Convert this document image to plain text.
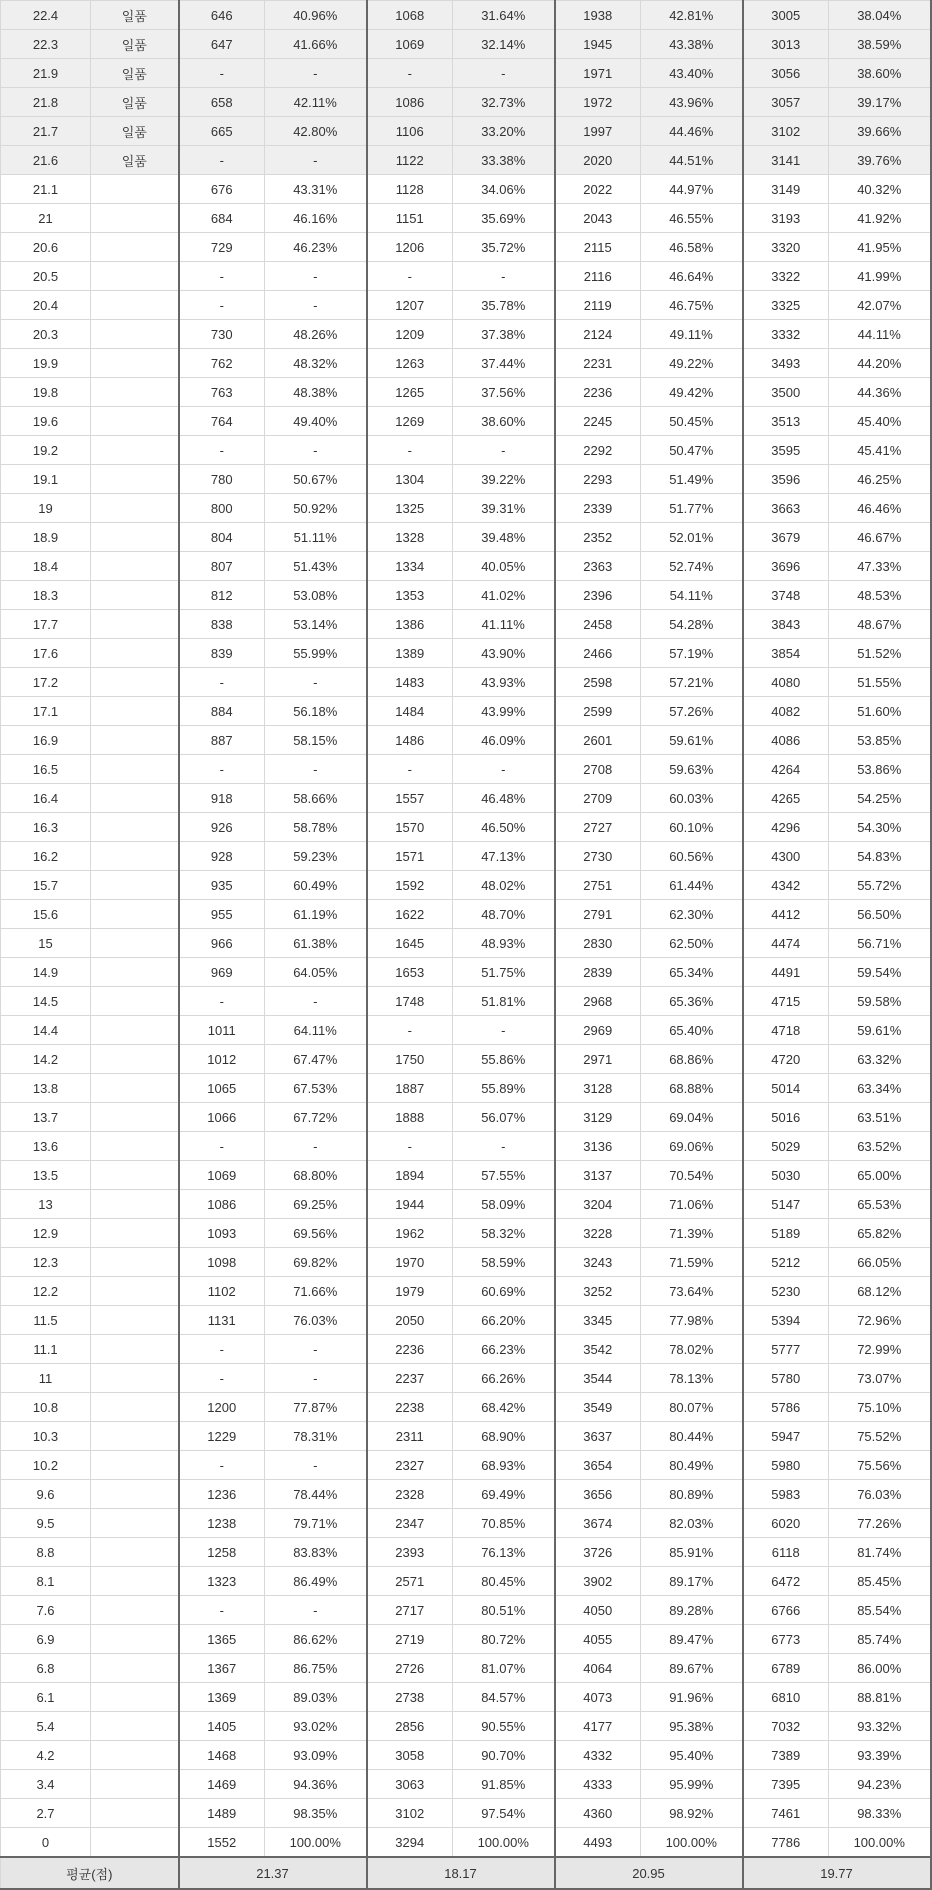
22.4	일품	646	40.96%	1068	31.64%	1938	42.81%	3005	38.04%
22.3	일품	647	41.66%	1069	32.14%	1945	43.38%	3013	38.59%
21.9	일품	-	-	-	-	1971	43.40%	3056	38.60%
21.8	일품	658	42.11%	1086	32.73%	1972	43.96%	3057	39.17%
21.7	일품	665	42.80%	1106	33.20%	1997	44.46%	3102	39.66%
21.6	일품	-	-	1122	33.38%	2020	44.51%	3141	39.76%
21.1		676	43.31%	1128	34.06%	2022	44.97%	3149	40.32%
21		684	46.16%	1151	35.69%	2043	46.55%	3193	41.92%
20.6		729	46.23%	1206	35.72%	2115	46.58%	3320	41.95%
20.5		-	-	-	-	2116	46.64%	3322	41.99%
20.4		-	-	1207	35.78%	2119	46.75%	3325	42.07%
20.3		730	48.26%	1209	37.38%	2124	49.11%	3332	44.11%
19.9		762	48.32%	1263	37.44%	2231	49.22%	3493	44.20%
19.8		763	48.38%	1265	37.56%	2236	49.42%	3500	44.36%
19.6		764	49.40%	1269	38.60%	2245	50.45%	3513	45.40%
19.2		-	-	-	-	2292	50.47%	3595	45.41%
19.1		780	50.67%	1304	39.22%	2293	51.49%	3596	46.25%
19		800	50.92%	1325	39.31%	2339	51.77%	3663	46.46%
18.9		804	51.11%	1328	39.48%	2352	52.01%	3679	46.67%
18.4		807	51.43%	1334	40.05%	2363	52.74%	3696	47.33%
18.3		812	53.08%	1353	41.02%	2396	54.11%	3748	48.53%
17.7		838	53.14%	1386	41.11%	2458	54.28%	3843	48.67%
17.6		839	55.99%	1389	43.90%	2466	57.19%	3854	51.52%
17.2		-	-	1483	43.93%	2598	57.21%	4080	51.55%
17.1		884	56.18%	1484	43.99%	2599	57.26%	4082	51.60%
16.9		887	58.15%	1486	46.09%	2601	59.61%	4086	53.85%
16.5		-	-	-	-	2708	59.63%	4264	53.86%
16.4		918	58.66%	1557	46.48%	2709	60.03%	4265	54.25%
16.3		926	58.78%	1570	46.50%	2727	60.10%	4296	54.30%
16.2		928	59.23%	1571	47.13%	2730	60.56%	4300	54.83%
15.7		935	60.49%	1592	48.02%	2751	61.44%	4342	55.72%
15.6		955	61.19%	1622	48.70%	2791	62.30%	4412	56.50%
15		966	61.38%	1645	48.93%	2830	62.50%	4474	56.71%
14.9		969	64.05%	1653	51.75%	2839	65.34%	4491	59.54%
14.5		-	-	1748	51.81%	2968	65.36%	4715	59.58%
14.4		1011	64.11%	-	-	2969	65.40%	4718	59.61%
14.2		1012	67.47%	1750	55.86%	2971	68.86%	4720	63.32%
13.8		1065	67.53%	1887	55.89%	3128	68.88%	5014	63.34%
13.7		1066	67.72%	1888	56.07%	3129	69.04%	5016	63.51%
13.6		-	-	-	-	3136	69.06%	5029	63.52%
13.5		1069	68.80%	1894	57.55%	3137	70.54%	5030	65.00%
13		1086	69.25%	1944	58.09%	3204	71.06%	5147	65.53%
12.9		1093	69.56%	1962	58.32%	3228	71.39%	5189	65.82%
12.3		1098	69.82%	1970	58.59%	3243	71.59%	5212	66.05%
12.2		1102	71.66%	1979	60.69%	3252	73.64%	5230	68.12%
11.5		1131	76.03%	2050	66.20%	3345	77.98%	5394	72.96%
11.1		-	-	2236	66.23%	3542	78.02%	5777	72.99%
11		-	-	2237	66.26%	3544	78.13%	5780	73.07%
10.8		1200	77.87%	2238	68.42%	3549	80.07%	5786	75.10%
10.3		1229	78.31%	2311	68.90%	3637	80.44%	5947	75.52%
10.2		-	-	2327	68.93%	3654	80.49%	5980	75.56%
9.6		1236	78.44%	2328	69.49%	3656	80.89%	5983	76.03%
9.5		1238	79.71%	2347	70.85%	3674	82.03%	6020	77.26%
8.8		1258	83.83%	2393	76.13%	3726	85.91%	6118	81.74%
8.1		1323	86.49%	2571	80.45%	3902	89.17%	6472	85.45%
7.6		-	-	2717	80.51%	4050	89.28%	6766	85.54%
6.9		1365	86.62%	2719	80.72%	4055	89.47%	6773	85.74%
6.8		1367	86.75%	2726	81.07%	4064	89.67%	6789	86.00%
6.1		1369	89.03%	2738	84.57%	4073	91.96%	6810	88.81%
5.4		1405	93.02%	2856	90.55%	4177	95.38%	7032	93.32%
4.2		1468	93.09%	3058	90.70%	4332	95.40%	7389	93.39%
3.4		1469	94.36%	3063	91.85%	4333	95.99%	7395	94.23%
2.7		1489	98.35%	3102	97.54%	4360	98.92%	7461	98.33%
0		1552	100.00%	3294	100.00%	4493	100.00%	7786	100.00%
평균(점)		21.37		18.17		20.95		19.77	
